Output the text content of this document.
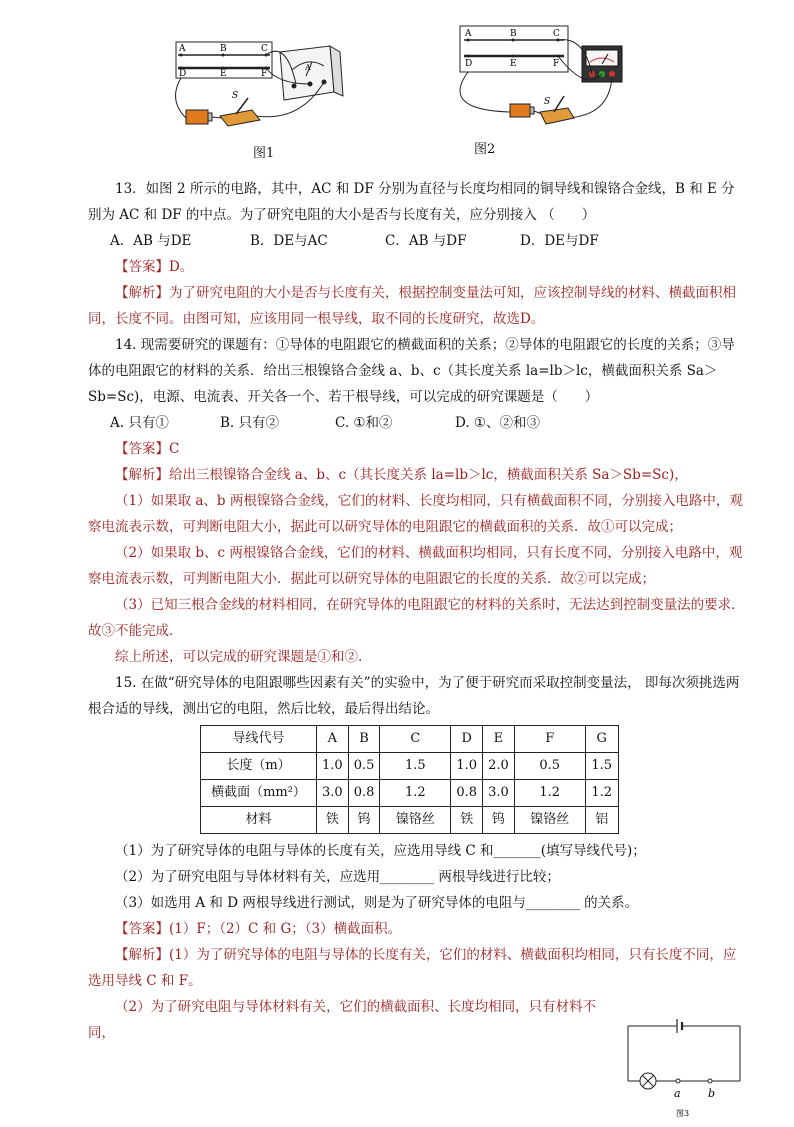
A	B	C
D	E	F
A
S
A	B	C
D	E	F
S
图1	图2

13．如图 2 所示的电路，其中，AC 和 DF 分别为直径与长度均相同的铜导线和镍铬合金线，B 和 E 分别为 AC 和 DF 的中点。为了研究电阻的大小是否与长度有关，应分别接入 （　　）

A．AB 与DE	B．DE与AC	C．AB 与DF	D．DE与DF

【答案】D。

【解析】为了研究电阻的大小是否与长度有关，根据控制变量法可知，应该控制导线的材料、横截面积相同，长度不同。由图可知，应该用同一根导线，取不同的长度研究，故选D。

14. 现需要研究的课题有：①导体的电阻跟它的横截面积的关系；②导体的电阻跟它的长度的关系；③导体的电阻跟它的材料的关系．给出三根镍铬合金线 a、b、c（其长度关系 la=lb＞lc，横截面积关系 Sa＞Sb=Sc)，电源、电流表、开关各一个、若干根导线，可以完成的研究课题是（　　）

A. 只有①	B. 只有②	C. ①和②	D. ①、②和③

【答案】C

【解析】给出三根镍铬合金线 a、b、c（其长度关系 la=lb＞lc，横截面积关系 Sa＞Sb=Sc)，

（1）如果取 a、b 两根镍铬合金线，它们的材料、长度均相同，只有横截面积不同，分别接入电路中，观察电流表示数，可判断电阻大小，据此可以研究导体的电阻跟它的横截面积的关系．故①可以完成；

（2）如果取 b、c 两根镍铬合金线，它们的材料、横截面积均相同，只有长度不同，分别接入电路中，观察电流表示数，可判断电阻大小．据此可以研究导体的电阻跟它的长度的关系．故②可以完成；

（3）已知三根合金线的材料相同，在研究导体的电阻跟它的材料的关系时，无法达到控制变量法的要求．故③不能完成．

综上所述，可以完成的研究课题是①和②.

15. 在做“研究导体的电阻跟哪些因素有关”的实验中，为了便于研究而采取控制变量法， 即每次须挑选两根合适的导线，测出它的电阻，然后比较，最后得出结论。

导线代号	A	B	C	D	E	F	G
长度（m）	1.0	0.5	1.5	1.0	2.0	0.5	1.5
横截面（mm²）	3.0	0.8	1.2	0.8	3.0	1.2	1.2
材料	铁	钨	镍铬丝	铁	钨	镍铬丝	铝

（1）为了研究导体的电阻与导体的长度有关，应选用导线 C 和_______(填写导线代号)；

（2）为了研究电阻与导体材料有关，应选用________ 两根导线进行比较；

（3）如选用 A 和 D 两根导线进行测试，则是为了研究导体的电阻与________ 的关系。

【答案】(1）F；（2）C 和 G；（3）横截面积。

【解析】(1）为了研究导体的电阻与导体的长度有关，它们的材料、横截面积均相同，只有长度不同，应选用导线 C 和 F。

（2）为了研究电阻与导体材料有关，它们的横截面积、长度均相同，只有材料不同，

a b
图3
